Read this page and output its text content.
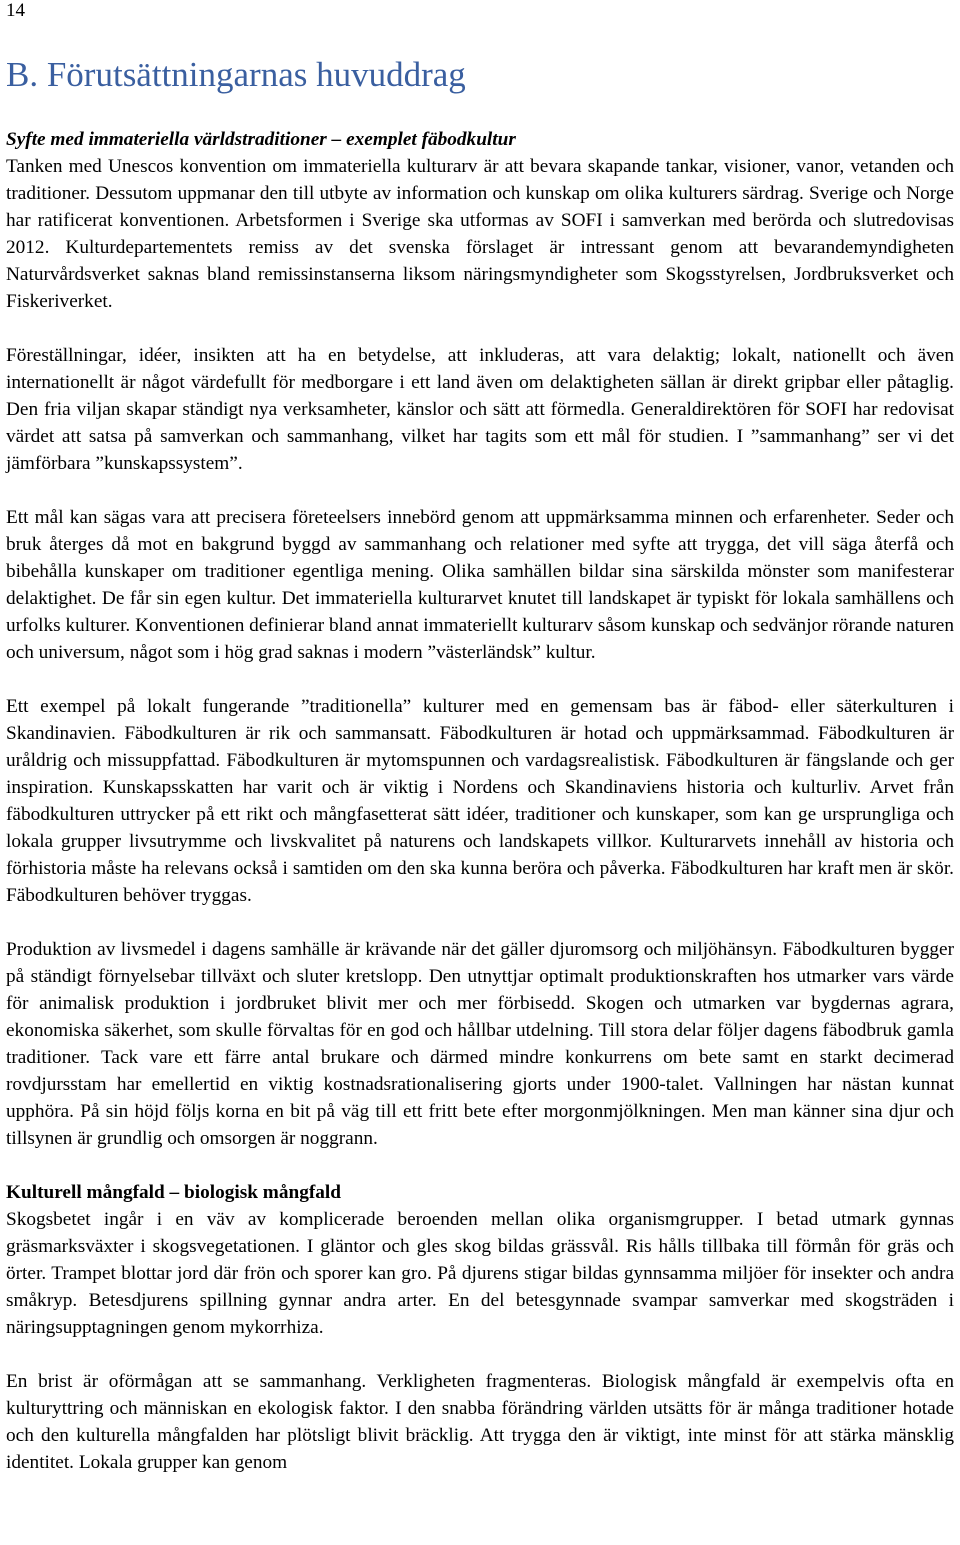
14
B. Förutsättningarnas huvuddrag
Syfte med immateriella världstraditioner – exemplet fäbodkultur

Tanken med Unescos konvention om immateriella kulturarv är att bevara skapande tankar, visioner, vanor, vetanden och traditioner. Dessutom uppmanar den till utbyte av information och kunskap om olika kulturers särdrag. Sverige och Norge har ratificerat konventionen. Arbetsformen i Sverige ska utformas av SOFI i samverkan med berörda och slutredovisas 2012. Kulturdepartementets remiss av det svenska förslaget är intressant genom att bevarandemyndigheten Naturvårdsverket saknas bland remissinstanserna liksom näringsmyndigheter som Skogsstyrelsen, Jordbruksverket och Fiskeriverket.

Föreställningar, idéer, insikten att ha en betydelse, att inkluderas, att vara delaktig; lokalt, nationellt och även internationellt är något värdefullt för medborgare i ett land även om delaktigheten sällan är direkt gripbar eller påtaglig. Den fria viljan skapar ständigt nya verksamheter, känslor och sätt att förmedla. Generaldirektören för SOFI har redovisat värdet att satsa på samverkan och sammanhang, vilket har tagits som ett mål för studien. I ”sammanhang” ser vi det jämförbara ”kunskapssystem”.

Ett mål kan sägas vara att precisera företeelsers innebörd genom att uppmärksamma minnen och erfarenheter. Seder och bruk återges då mot en bakgrund byggd av sammanhang och relationer med syfte att trygga, det vill säga återfå och bibehålla kunskaper om traditioner egentliga mening. Olika samhällen bildar sina särskilda mönster som manifesterar delaktighet. De får sin egen kultur. Det immateriella kulturarvet knutet till landskapet är typiskt för lokala samhällens och urfolks kulturer. Konventionen definierar bland annat immateriellt kulturarv såsom kunskap och sedvänjor rörande naturen och universum, något som i hög grad saknas i modern ”västerländsk” kultur.

Ett exempel på lokalt fungerande ”traditionella” kulturer med en gemensam bas är fäbod- eller säterkulturen i Skandinavien. Fäbodkulturen är rik och sammansatt. Fäbodkulturen är hotad och uppmärksammad. Fäbodkulturen är uråldrig och missuppfattad. Fäbodkulturen är mytomspunnen och vardagsrealistisk. Fäbodkulturen är fängslande och ger inspiration. Kunskapsskatten har varit och är viktig i Nordens och Skandinaviens historia och kulturliv. Arvet från fäbodkulturen uttrycker på ett rikt och mångfasetterat sätt idéer, traditioner och kunskaper, som kan ge ursprungliga och lokala grupper livsutrymme och livskvalitet på naturens och landskapets villkor. Kulturarvets innehåll av historia och förhistoria måste ha relevans också i samtiden om den ska kunna beröra och påverka. Fäbodkulturen har kraft men är skör. Fäbodkulturen behöver tryggas.

Produktion av livsmedel i dagens samhälle är krävande när det gäller djuromsorg och miljöhänsyn. Fäbodkulturen bygger på ständigt förnyelsebar tillväxt och sluter kretslopp. Den utnyttjar optimalt produktionskraften hos utmarker vars värde för animalisk produktion i jordbruket blivit mer och mer förbisedd. Skogen och utmarken var bygdernas agrara, ekonomiska säkerhet, som skulle förvaltas för en god och hållbar utdelning. Till stora delar följer dagens fäbodbruk gamla traditioner. Tack vare ett färre antal brukare och därmed mindre konkurrens om bete samt en starkt decimerad rovdjursstam har emellertid en viktig kostnadsrationalisering gjorts under 1900-talet. Vallningen har nästan kunnat upphöra. På sin höjd följs korna en bit på väg till ett fritt bete efter morgonmjölkningen. Men man känner sina djur och tillsynen är grundlig och omsorgen är noggrann.

Kulturell mångfald – biologisk mångfald

Skogsbetet ingår i en väv av komplicerade beroenden mellan olika organismgrupper. I betad utmark gynnas gräsmarksväxter i skogsvegetationen. I gläntor och gles skog bildas grässvål. Ris hålls tillbaka till förmån för gräs och örter. Trampet blottar jord där frön och sporer kan gro. På djurens stigar bildas gynnsamma miljöer för insekter och andra småkryp. Betesdjurens spillning gynnar andra arter. En del betesgynnade svampar samverkar med skogsträden i näringsupptagningen genom mykorrhiza.

En brist är oförmågan att se sammanhang. Verkligheten fragmenteras. Biologisk mångfald är exempelvis ofta en kulturyttring och människan en ekologisk faktor. I den snabba förändring världen utsätts för är många traditioner hotade och den kulturella mångfalden har plötsligt blivit bräcklig. Att trygga den är viktigt, inte minst för att stärka mänsklig identitet. Lokala grupper kan genom
